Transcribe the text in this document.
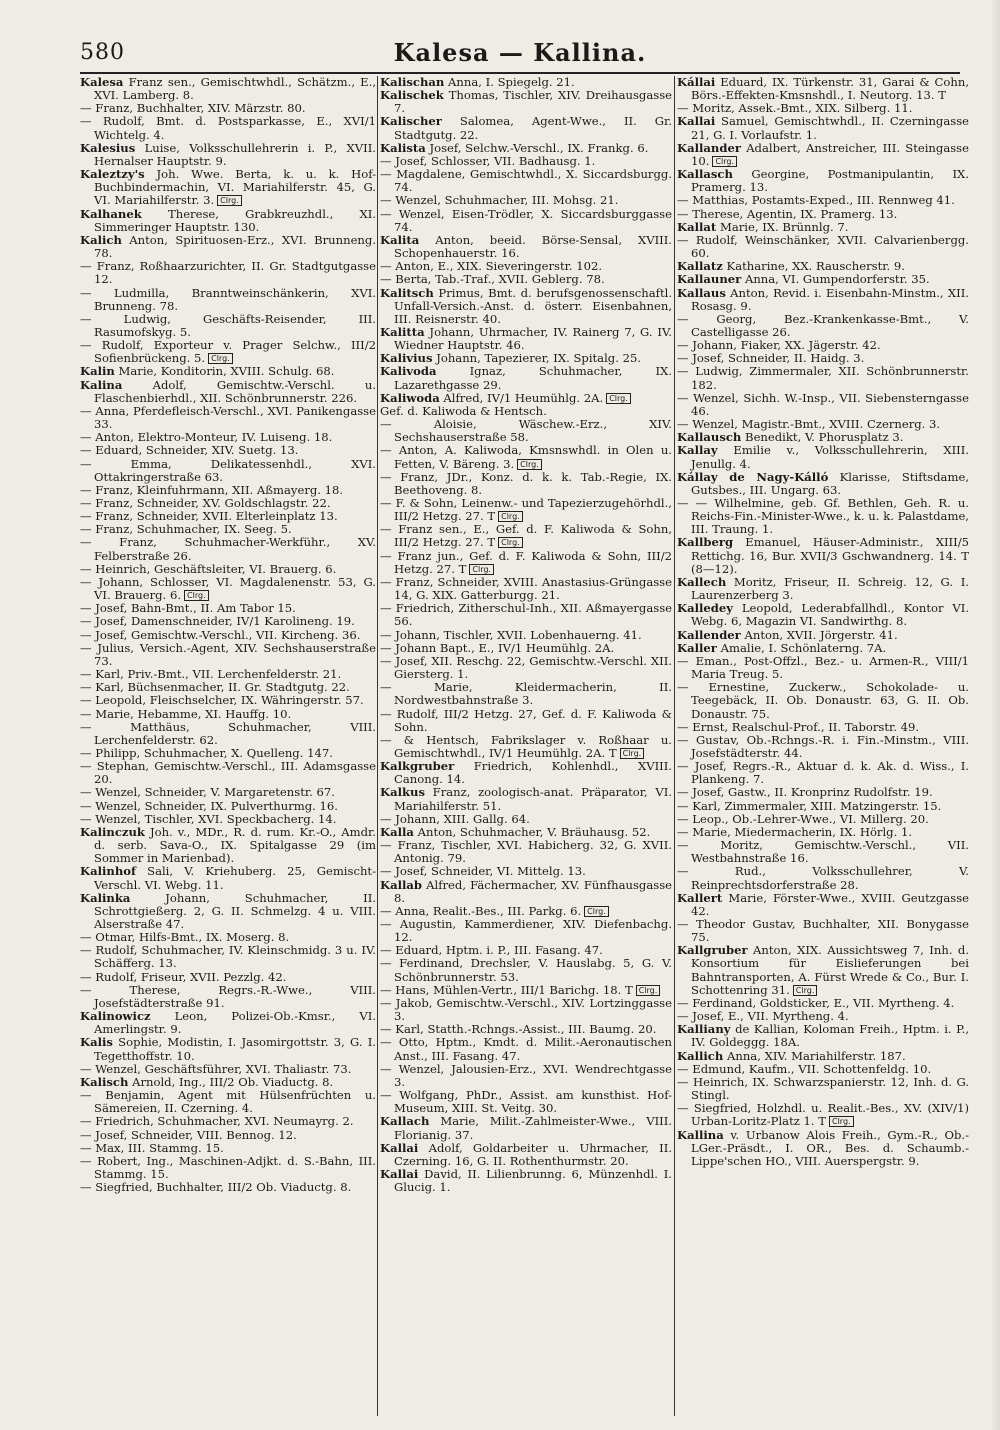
580	Kalesa — Kallina.
Kalesa Franz sen., Gemischtwhdl., Schätzm., E., XVI. Lamberg. 8.
— Franz, Buchhalter, XIV. Märzstr. 80.
— Rudolf, Bmt. d. Postsparkasse, E., XVI/1 Wichtelg. 4.
Kalesius Luise, Volksschullehrerin i. P., XVII. Hernalser Hauptstr. 9.
Kaleztzy's Joh. Wwe. Berta, k. u. k. Hof-Buchbindermachin, VI. Mariahilferstr. 45, G. VI. Mariahilferstr. 3. Clrg.
Kalhanek Therese, Grabkreuzhdl., XI. Simmeringer Hauptstr. 130.
Kalich Anton, Spirituosen-Erz., XVI. Brunneng. 78.
— Franz, Roßhaarzurichter, II. Gr. Stadtgutgasse 12.
— Ludmilla, Branntweinschänkerin, XVI. Brunneng. 78.
— Ludwig, Geschäfts-Reisender, III. Rasumofskyg. 5.
— Rudolf, Exporteur v. Prager Selchw., III/2 Sofienbrückeng. 5. Clrg.
Kalin Marie, Konditorin, XVIII. Schulg. 68.
Kalina	Adolf, Gemischtw.-Verschl. u. Flaschenbierhdl., XII. Schönbrunnerstr. 226.
— Anna, Pferdefleisch-Verschl., XVI. Panikengasse 33.
— Anton, Elektro-Monteur, IV. Luiseng. 18.
— Eduard, Schneider, XIV. Suetg. 13.
— Emma, Delikatessenhdl., XVI. Ottakringerstraße 63.
— Franz, Kleinfuhrmann, XII. Aßmayerg. 18.
— Franz, Schneider, XV. Goldschlagstr. 22.
— Franz, Schneider, XVII. Elterleinplatz 13.
— Franz, Schuhmacher, IX. Seeg. 5.
— Franz, Schuhmacher-Werkführ., XV. Felberstraße 26.
— Heinrich, Geschäftsleiter, VI. Brauerg. 6.
— Johann, Schlosser, VI. Magdalenenstr. 53, G. VI. Brauerg. 6. Clrg.
— Josef, Bahn-Bmt., II. Am Tabor 15.
— Josef, Damenschneider, IV/1 Karolineng. 19.
— Josef, Gemischtw.-Verschl., VII. Kircheng. 36.
— Julius, Versich.-Agent, XIV. Sechshauserstraße 73.
— Karl, Priv.-Bmt., VII. Lerchenfelderstr. 21.
— Karl, Büchsenmacher, II. Gr. Stadtgutg. 22.
— Leopold, Fleischselcher, IX. Währingerstr. 57.
— Marie, Hebamme, XI. Hauffg. 10.
— Matthäus, Schuhmacher, VIII. Lerchenfelderstr. 62.
— Philipp, Schuhmacher, X. Quelleng. 147.
— Stephan, Gemischtw.-Verschl., III. Adamsgasse 20.
— Wenzel, Schneider, V. Margaretenstr. 67.
— Wenzel, Schneider, IX. Pulverthurmg. 16.
— Wenzel, Tischler, XVI. Speckbacherg. 14.
Kalinczuk Joh. v., MDr., R. d. rum. Kr.-O., Amdr. d. serb. Sava-O., IX. Spitalgasse 29 (im Sommer in Marienbad).
Kalinhof Sali, V. Kriehuberg. 25, Gemischt-Verschl. VI. Webg. 11.
Kalinka	Johann, Schuhmacher, II. Schrottgießerg. 2, G. II. Schmelzg. 4 u. VIII. Alserstraße 47.
— Otmar, Hilfs-Bmt., IX. Moserg. 8.
— Rudolf, Schuhmacher, IV. Kleinschmidg. 3 u. IV. Schäfferg. 13.
— Rudolf, Friseur, XVII. Pezzlg. 42.
— Therese, Regrs.-R.-Wwe., VIII. Josefstädterstraße 91.
Kalinowicz Leon, Polizei-Ob.-Kmsr., VI. Amerlingstr. 9.
Kalis Sophie, Modistin, I. Jasomirgottstr. 3, G. I. Tegetthoffstr. 10.
— Wenzel, Geschäftsführer, XVI. Thaliastr. 73.
Kalisch Arnold, Ing., III/2 Ob. Viaductg. 8.
— Benjamin, Agent mit Hülsenfrüchten u. Sämereien, II. Czerning. 4.
— Friedrich, Schuhmacher, XVI. Neumayrg. 2.
— Josef, Schneider, VIII. Bennog. 12.
— Max, III. Stammg. 15.
— Robert, Ing., Maschinen-Adjkt. d. S.-Bahn, III. Stammg. 15.
— Siegfried, Buchhalter, III/2 Ob. Viaductg. 8.
Kalischan Anna, I. Spiegelg. 21.
Kalischek Thomas, Tischler, XIV. Dreihausgasse 7.
Kalischer Salomea, Agent-Wwe., II. Gr. Stadtgutg. 22.
Kalista Josef, Selchw.-Verschl., IX. Frankg. 6.
— Josef, Schlosser, VII. Badhausg. 1.
— Magdalene, Gemischtwhdl., X. Siccardsburgg. 74.
— Wenzel, Schuhmacher, III. Mohsg. 21.
— Wenzel, Eisen-Trödler, X. Siccardsburggasse 74.
Kalita Anton, beeid. Börse-Sensal, XVIII. Schopenhauerstr. 16.
— Anton, E., XIX. Sieveringerstr. 102.
— Berta, Tab.-Traf., XVII. Geblerg. 78.
Kalitsch Primus, Bmt. d. berufsgenossenschaftl. Unfall-Versich.-Anst. d. österr. Eisenbahnen, III. Reisnerstr. 40.
Kalitta Johann, Uhrmacher, IV. Rainerg 7, G. IV. Wiedner Hauptstr. 46.
Kalivius Johann, Tapezierer, IX. Spitalg. 25.
Kalivoda	Ignaz, Schuhmacher, IX. Lazarethgasse 29.
Kaliwoda Alfred, IV/1 Heumühlg. 2A. Clrg.
Gef. d. Kaliwoda & Hentsch.
— Aloisie, Wäschew.-Erz., XIV. Sechshauserstraße 58.
— Anton, A. Kaliwoda, Kmsnswhdl. in Olen u. Fetten, V. Bäreng. 3. Clrg.
— Franz, JDr., Konz. d. k. k. Tab.-Regie, IX. Beethoveng. 8.
— F. & Sohn, Leinenw.- und Tapezierzugehörhdl., III/2 Hetzg. 27. T Clrg.
— Franz sen., E., Gef. d. F. Kaliwoda & Sohn, III/2 Hetzg. 27. T Clrg.
— Franz jun., Gef. d. F. Kaliwoda & Sohn, III/2 Hetzg. 27. T Clrg.
— Franz, Schneider, XVIII. Anastasius-Grüngasse 14, G. XIX. Gatterburgg. 21.
— Friedrich, Zitherschul-Inh., XII. Aßmayergasse 56.
— Johann, Tischler, XVII. Lobenhauerng. 41.
— Johann Bapt., E., IV/1 Heumühlg. 2A.
— Josef, XII. Reschg. 22, Gemischtw.-Verschl. XII. Giersterg. 1.
— Marie, Kleidermacherin, II. Nordwestbahnstraße 3.
— Rudolf, III/2 Hetzg. 27, Gef. d. F. Kaliwoda & Sohn.
— & Hentsch, Fabrikslager v. Roßhaar u. Gemischtwhdl., IV/1 Heumühlg. 2A. T Clrg.
Kalkgruber Friedrich, Kohlenhdl., XVIII. Canong. 14.
Kalkus Franz, zoologisch-anat. Präparator, VI. Mariahilferstr. 51.
— Johann, XIII. Gallg. 64.
Kalla Anton, Schuhmacher, V. Bräuhausg. 52.
— Franz, Tischler, XVI. Habicherg. 32, G. XVII. Antonig. 79.
— Josef, Schneider, VI. Mittelg. 13.
Kallab Alfred, Fächermacher, XV. Fünfhausgasse 8.
— Anna, Realit.-Bes., III. Parkg. 6. Clrg.
— Augustin, Kammerdiener, XIV. Diefenbachg. 12.
— Eduard, Hptm. i. P., III. Fasang. 47.
— Ferdinand, Drechsler, V. Hauslabg. 5, G. V. Schönbrunnerstr. 53.
— Hans, Mühlen-Vertr., III/1 Barichg. 18. T Clrg.
— Jakob, Gemischtw.-Verschl., XIV. Lortzinggasse 3.
— Karl, Statth.-Rchngs.-Assist., III. Baumg. 20.
— Otto, Hptm., Kmdt. d. Milit.-Aeronautischen Anst., III. Fasang. 47.
— Wenzel, Jalousien-Erz., XVI. Wendrechtgasse 3.
— Wolfgang, PhDr., Assist. am kunsthist. Hof-Museum, XIII. St. Veitg. 30.
Kallach Marie, Milit.-Zahlmeister-Wwe., VIII. Florianig. 37.
Kallai Adolf, Goldarbeiter u. Uhrmacher, II. Czerning. 16, G. II. Rothenthurmstr. 20.
Kallai David, II. Lilienbrunng. 6, Münzenhdl. I. Glucig. 1.
Kállai Eduard, IX. Türkenstr. 31, Garai & Cohn, Börs.-Effekten-Kmsnshdl., I. Neutorg. 13. T
— Moritz, Assek.-Bmt., XIX. Silberg. 11.
Kallai Samuel, Gemischtwhdl., II. Czerningasse 21, G. I. Vorlaufstr. 1.
Kallander Adalbert, Anstreicher, III. Steingasse 10. Clrg.
Kallasch Georgine, Postmanipulantin, IX. Pramerg. 13.
— Matthias, Postamts-Exped., III. Rennweg 41.
— Therese, Agentin, IX. Pramerg. 13.
Kallat Marie, IX. Brünnlg. 7.
— Rudolf, Weinschänker, XVII. Calvarienbergg. 60.
Kallatz Katharine, XX. Rauscherstr. 9.
Kallauner Anna, VI. Gumpendorferstr. 35.
Kallaus Anton, Revid. i. Eisenbahn-Minstm., XII. Rosasg. 9.
— Georg, Bez.-Krankenkasse-Bmt., V. Castelligasse 26.
— Johann, Fiaker, XX. Jägerstr. 42.
— Josef, Schneider, II. Haidg. 3.
— Ludwig, Zimmermaler, XII. Schönbrunnerstr. 182.
— Wenzel, Sichh. W.-Insp., VII. Siebensterngasse 46.
— Wenzel, Magistr.-Bmt., XVIII. Czernerg. 3.
Kallausch Benedikt, V. Phorusplatz 3.
Kallay Emilie v., Volksschullehrerin, XIII. Jenullg. 4.
Kállay de Nagy-Kálló Klarisse, Stiftsdame, Gutsbes., III. Ungarg. 63.
— — Wilhelmine, geb. Gf. Bethlen, Geh. R. u. Reichs-Fin.-Minister-Wwe., k. u. k. Palastdame, III. Traung. 1.
Kallberg Emanuel, Häuser-Administr., XIII/5 Rettichg. 16, Bur. XVII/3 Gschwandnerg. 14. T (8—12).
Kallech Moritz, Friseur, II. Schreig. 12, G. I. Laurenzerberg 3.
Kalledey Leopold, Lederabfallhdl., Kontor VI. Webg. 6, Magazin VI. Sandwirthg. 8.
Kallender Anton, XVII. Jörgerstr. 41.
Kaller Amalie, I. Schönlaterng. 7A.
— Eman., Post-Offzl., Bez.- u. Armen-R., VIII/1 Maria Treug. 5.
— Ernestine, Zuckerw., Schokolade- u. Teegebäck, II. Ob. Donaustr. 63, G. II. Ob. Donaustr. 75.
— Ernst, Realschul-Prof., II. Taborstr. 49.
— Gustav, Ob.-Rchngs.-R. i. Fin.-Minstm., VIII. Josefstädterstr. 44.
— Josef, Regrs.-R., Aktuar d. k. Ak. d. Wiss., I. Plankeng. 7.
— Josef, Gastw., II. Kronprinz Rudolfstr. 19.
— Karl, Zimmermaler, XIII. Matzingerstr. 15.
— Leop., Ob.-Lehrer-Wwe., VI. Millerg. 20.
— Marie, Miedermacherin, IX. Hörlg. 1.
— Moritz, Gemischtw.-Verschl., VII. Westbahnstraße 16.
— Rud., Volksschullehrer, V. Reinprechtsdorferstraße 28.
Kallert Marie, Förster-Wwe., XVIII. Geutzgasse 42.
— Theodor Gustav, Buchhalter, XII. Bonygasse 75.
Kallgruber Anton, XIX. Aussichtsweg 7, Inh. d. Konsortium für Eislieferungen bei Bahntransporten, A. Fürst Wrede & Co., Bur. I. Schottenring 31. Clrg.
— Ferdinand, Goldsticker, E., VII. Myrtheng. 4.
— Josef, E., VII. Myrtheng. 4.
Kalliany de Kallian, Koloman Freih., Hptm. i. P., IV. Goldeggg. 18A.
Kallich Anna, XIV. Mariahilferstr. 187.
— Edmund, Kaufm., VII. Schottenfeldg. 10.
— Heinrich, IX. Schwarzspanierstr. 12, Inh. d. G. Stingl.
— Siegfried, Holzhdl. u. Realit.-Bes., XV. (XIV/1) Urban-Loritz-Platz 1. T Clrg.
Kallina v. Urbanow Alois Freih., Gym.-R., Ob.-LGer.-Präsdt., I. OR., Bes. d. Schaumb.-Lippe'schen HO., VIII. Auerspergstr. 9.
